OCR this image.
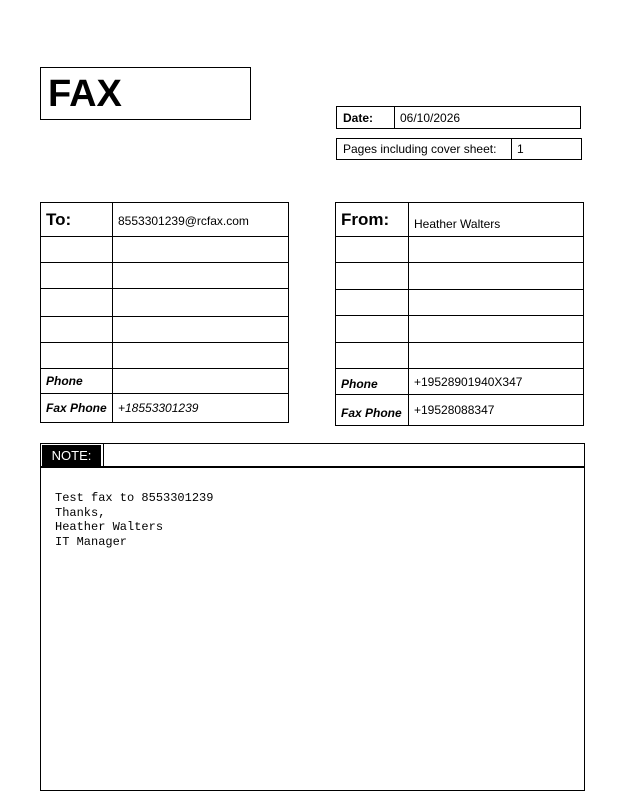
FAX
Date:	06/10/2026
Pages including cover sheet:	1
To:	8553301239@rcfax.com

Phone	
Fax Phone	+18553301239
From:	Heather Walters

Phone	+19528901940X347
Fax Phone	+19528088347
NOTE:
Test fax to 8553301239
Thanks,
Heather Walters
IT Manager
